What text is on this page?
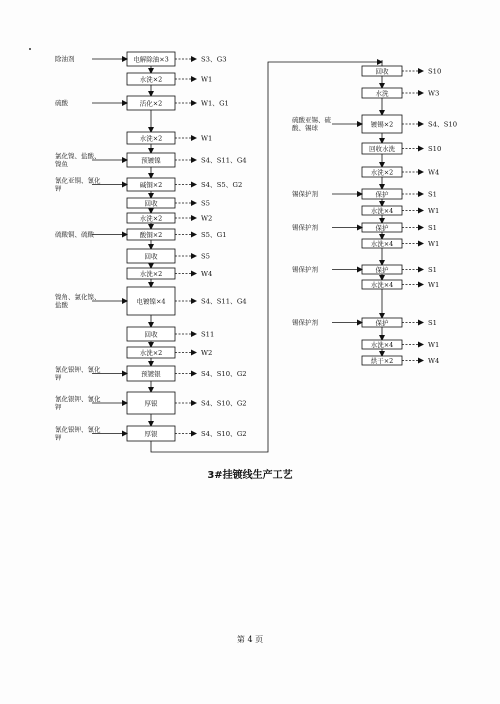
电解除油×3	S3、G3
除油剂
水洗×2	W1
活化×2	W1、G1
硫酸
水洗×2	W1
预镀镍	S4、S11、G4
氯化镍、盐酸、镍鱼
碱铜×2	S4、S5、G2
氰化亚铜、氰化钾
回收	S5
水洗×2	W2
酸铜×2	S5、G1
硫酸铜、硫酸
回收	S5
水洗×2	W4
电镀镍×4	S4、S11、G4
镍角、氯化镍、盐酸
回收	S11
水洗×2	W2
预镀银	S4、S10、G2
氰化银钾、氰化钾
厚银	S4、S10、G2
氰化银钾、氰化钾
厚银	S4、S10、G2
氰化银钾、氰化钾
回收	S10
水洗	W3
镀锡×2	S4、S10
硫酸亚锡、硫酸、锡球
回收水洗	S10
水洗×2	W4
保护	S1
锡保护剂
水洗×4	W1
保护	S1
锡保护剂
水洗×4	W1
保护	S1
锡保护剂
水洗×4	W1
保护	S1
锡保护剂
水洗×4	W1
烘干×2	W4
3#挂镀线生产工艺
第 4 页
